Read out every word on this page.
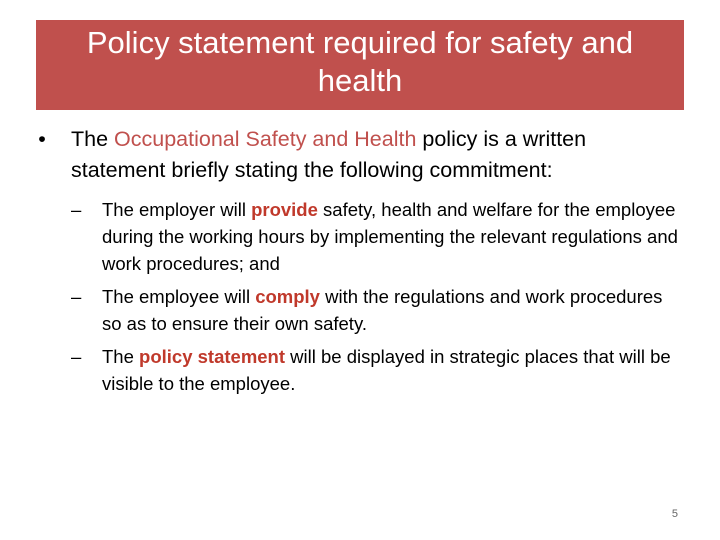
Policy statement required for safety and health

•	The Occupational Safety and Health policy is a written statement briefly stating the following commitment:

–	The employer will provide safety, health and welfare for the employee during the working hours by implementing the relevant regulations and work procedures; and

–	The employee will comply with the regulations and work procedures so as to ensure their own safety.

–	The policy statement will be displayed in strategic places that will be visible to the employee.

5
